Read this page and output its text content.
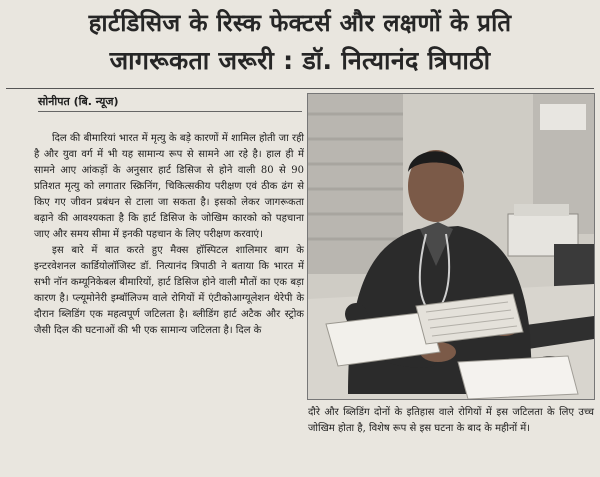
हार्टडिसिज के रिस्क फेक्टर्स और लक्षणों के प्रति
जागरूकता जरूरी : डॉ. नित्यानंद त्रिपाठी
सोनीपत (बि. न्यूज)

दिल की बीमारियां भारत में मृत्यु के बड़े कारणों में शामिल होती जा रही है और युवा वर्ग में भी यह सामान्य रूप से सामने आ रहे है। हाल ही में सामने आए आंकड़ों के अनुसार हार्ट डिसिज से होने वाली 80 से 90 प्रतिशत मृत्यु को लगातार स्क्रिनिंग, चिकित्सकीय परीक्षण एवं ठीक ढंग से किए गए जीवन प्रबंधन से टाला जा सकता है। इसको लेकर जागरूकता बढ़ाने की आवश्यकता है कि हार्ट डिसिज के जोखिम कारको को पहचाना जाए और समय सीमा में इनकी पहचान के लिए परीक्षण करवाएं।

इस बारे में बात करते हुए मैक्स हॉस्पिटल शालिमार बाग के इन्टरवेशनल कार्डियोलॉजिस्ट डॉ. नित्यानंद त्रिपाठी ने बताया कि भारत में सभी नॉन कम्यूनिकेबल बीमारियों, हार्ट डिसिज होने वाली मौतों का एक बड़ा कारण है। प्ल्यूमोनेरी इम्बॉलिज्म वाले रोगियों में एंटीकोआग्यूलेशन थेरेपी के दौरान ब्लिडिंग एक महत्वपूर्ण जटिलता है। ब्लीडिंग हार्ट अटैक और स्ट्रोक जैसी दिल की घटनाओं की भी एक सामान्य जटिलता है। दिल के

दौरे और ब्लिडिंग दोनों के इतिहास वाले रोगियों में इस जटिलता के लिए उच्च जोखिम होता है, विशेष रूप से इस घटना के बाद के महीनों में।
